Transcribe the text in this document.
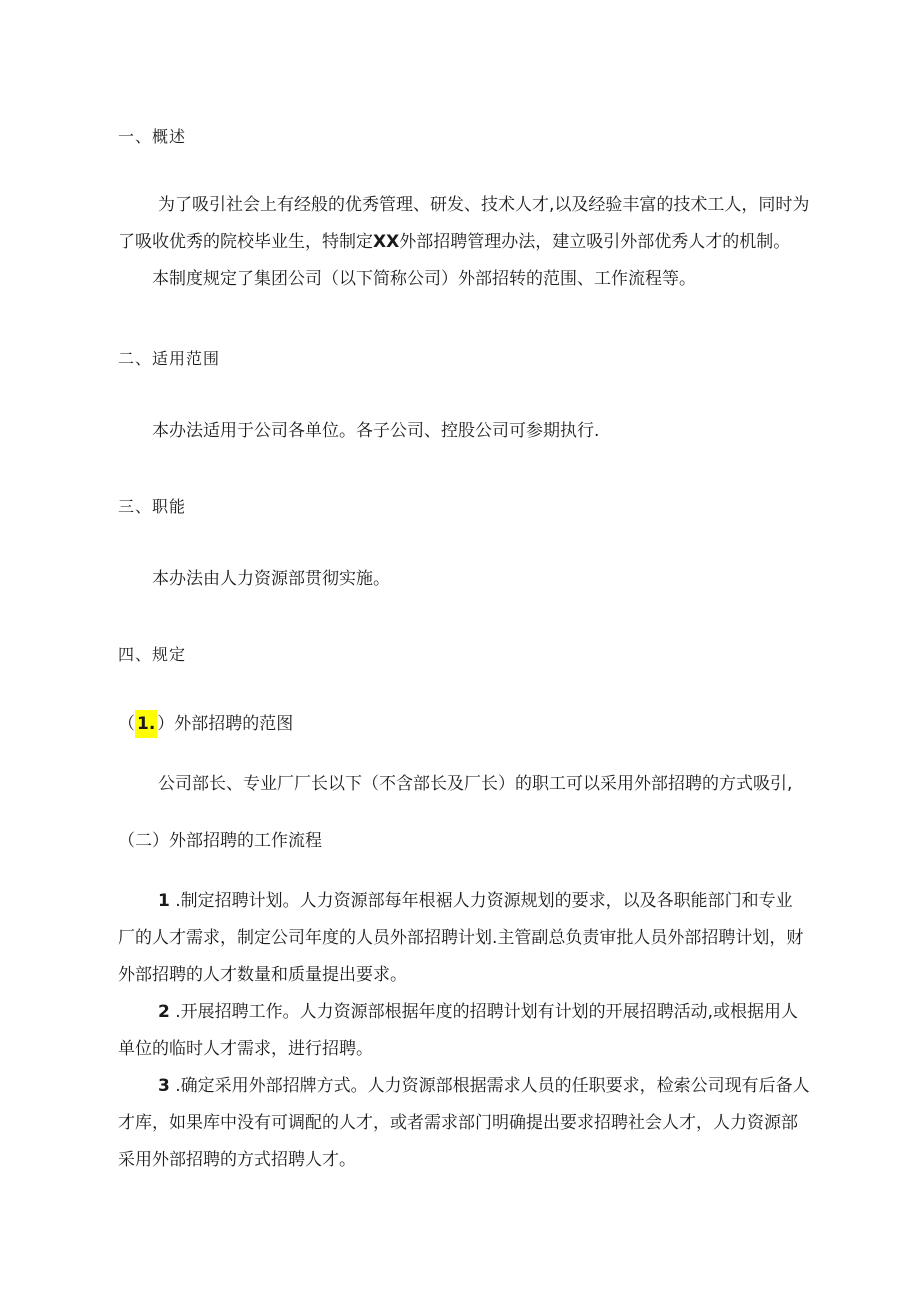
一、概述
为了吸引社会上有经般的优秀管理、研发、技术人才,以及经验丰富的技术工人，同时为
了吸收优秀的院校毕业生，特制定XX外部招聘管理办法，建立吸引外部优秀人才的机制。
本制度规定了集团公司（以下简称公司）外部招转的范围、工作流程等。
二、适用范围
本办法适用于公司各单位。各子公司、控股公司可参期执行.
三、职能
本办法由人力资源部贯彻实施。
四、规定
（ 1. ）外部招聘的范图
公司部长、专业厂厂长以下（不含部长及厂长）的职工可以采用外部招聘的方式吸引,
（二）外部招聘的工作流程
1 .制定招聘计划。人力资源部每年根裾人力资源规划的要求，以及各职能部门和专业
厂的人才需求，制定公司年度的人员外部招聘计划.主管副总负责审批人员外部招聘计划，财
外部招聘的人才数量和质量提出要求。
2 .开展招聘工作。人力资源部根据年度的招聘计划有计划的开展招聘活动,或根据用人
单位的临时人才需求，进行招聘。
3 .确定采用外部招牌方式。人力资源部根据需求人员的任职要求，检索公司现有后备人
才库，如果库中没有可调配的人才，或者需求部门明确提出要求招聘社会人才，人力资源部
采用外部招聘的方式招聘人才。
